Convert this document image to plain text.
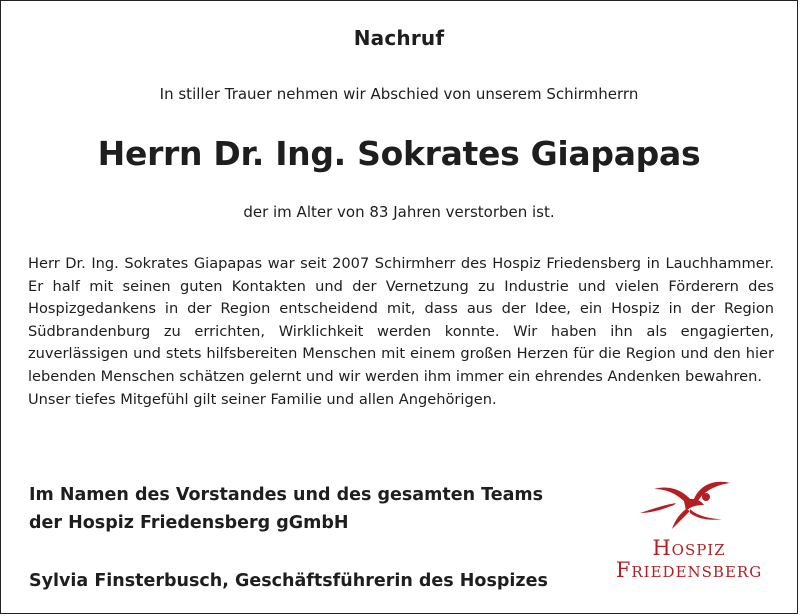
Nachruf
In stiller Trauer nehmen wir Abschied von unserem Schirmherrn
Herrn Dr. Ing. Sokrates Giapapas
der im Alter von 83 Jahren verstorben ist.

Herr Dr. Ing. Sokrates Giapapas war seit 2007 Schirmherr des Hospiz Friedensberg in Lauchhammer. Er half mit seinen guten Kontakten und der Vernetzung zu Industrie und vielen Förderern des Hospizgedankens in der Region entscheidend mit, dass aus der Idee, ein Hospiz in der Region Südbrandenburg zu errichten, Wirklichkeit werden konnte. Wir haben ihn als engagierten, zuverlässigen und stets hilfsbereiten Menschen mit einem großen Herzen für die Region und den hier lebenden Menschen schätzen gelernt und wir werden ihm immer ein ehrendes Andenken bewahren.

Unser tiefes Mitgefühl gilt seiner Familie und allen Angehörigen.

Im Namen des Vorstandes und des gesamten Teams
der Hospiz Friedensberg gGmbH
Sylvia Finsterbusch, Geschäftsführerin des Hospizes
Hospiz
Friedensberg
